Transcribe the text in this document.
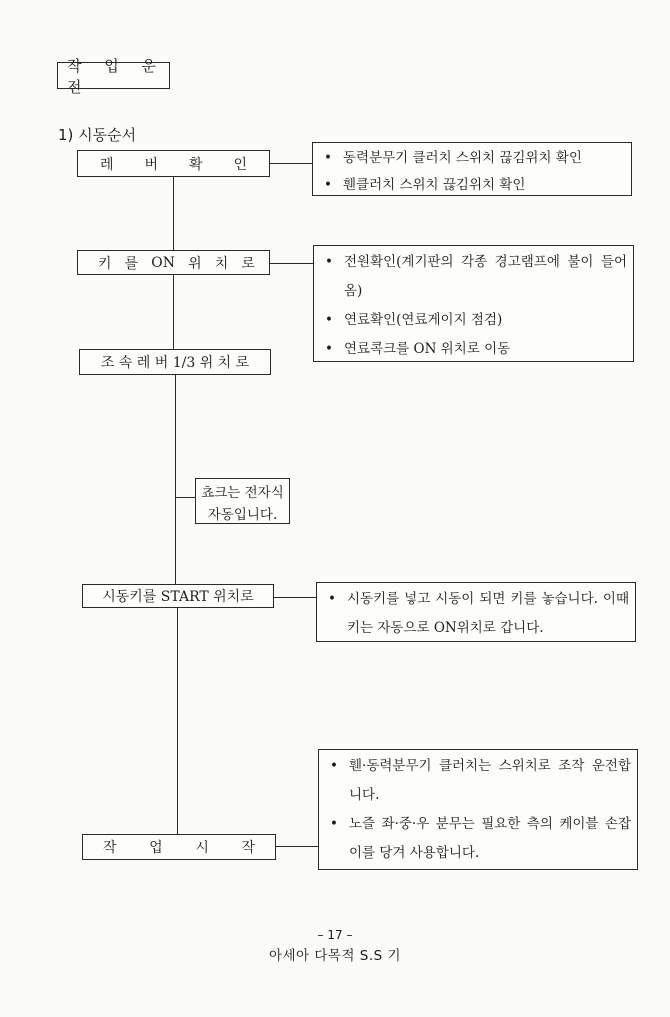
작 업 운 전
1) 시동순서
레 버 확 인	• 동력분무기 클러치 스위치 끊김위치 확인
• 휀클러치 스위치 끊김위치 확인
키 를 ON 위 치 로	• 전원확인(계기판의 각종 경고램프에 불이 들어옴)
• 연료확인(연료게이지 점검)
• 연료콕크를 ON 위치로 이동
조 속 레 버 1/3 위 치 로
쵸크는 전자식
자동입니다.
시동키를 START 위치로	• 시동키를 넣고 시동이 되면 키를 놓습니다. 이때 키는 자동으로 ON위치로 갑니다.
작 업 시 작
• 휀·동력분무기 클러치는 스위치로 조작 운전합니다.
• 노즐 좌·중·우 분무는 필요한 측의 케이블 손잡이를 당겨 사용합니다.
– 17 –
아세아 다목적 S.S 기
